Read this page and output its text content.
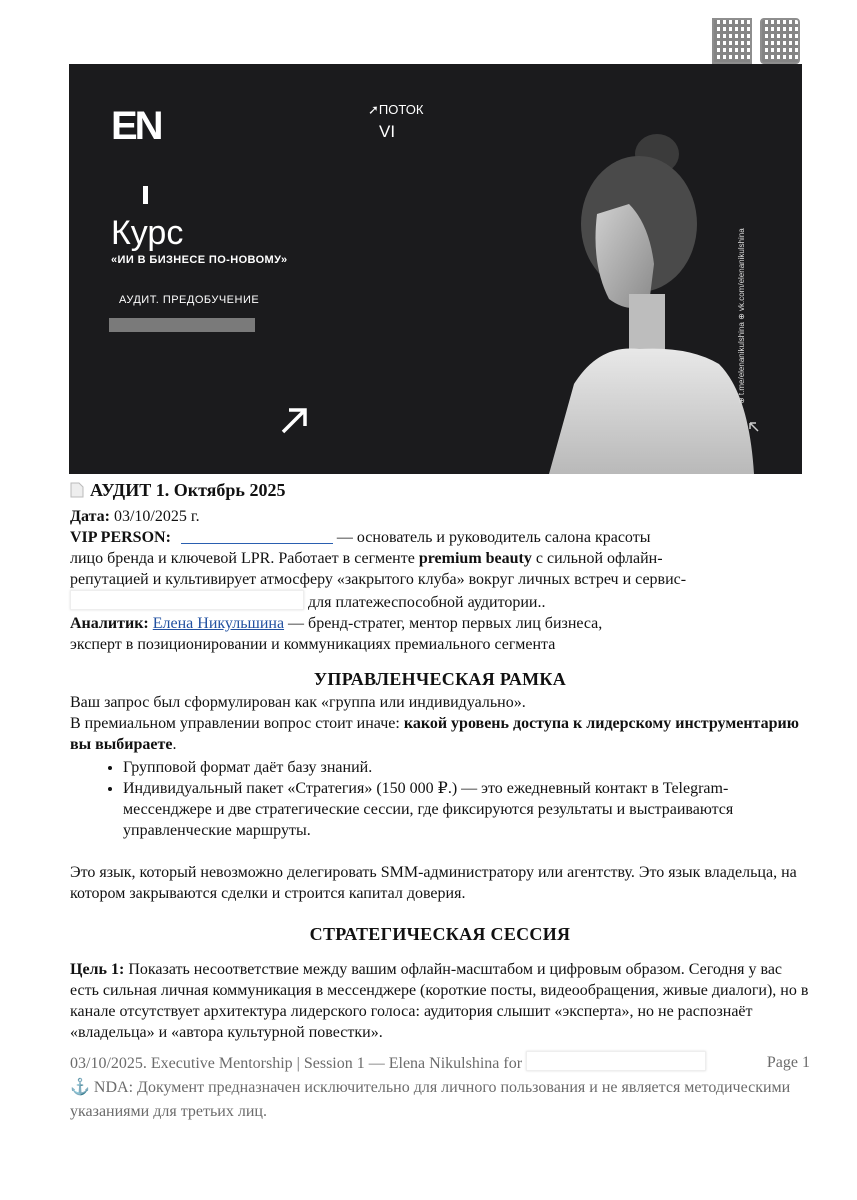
EN	➚ПОТОК
VI
Курс
«ИИ В БИЗНЕСЕ ПО-НОВОМУ»
АУДИТ. ПРЕДОБУЧЕНИЕ	⊕ t.me/elenanikulshina ⊕ vk.com/elenanikulshina
АУДИТ 1. Октябрь 2025

Дата: 03/10/2025 г.

VIP PERSON:	— основатель и руководитель салона красоты

лицо бренда и ключевой LPR. Работает в сегменте premium beauty с сильной офлайн-
репутацией и культивирует атмосферу «закрытого клуба» вокруг личных встреч и сервис-
для платежеспособной аудитории..

Аналитик: Елена Никульшина — бренд-стратег, ментор первых лиц бизнеса,
эксперт в позиционировании и коммуникациях премиального сегмента

УПРАВЛЕНЧЕСКАЯ РАМКА

Ваш запрос был сформулирован как «группа или индивидуально».

В премиальном управлении вопрос стоит иначе: какой уровень доступа к лидерскому инструментарию вы выбираете.

• Групповой формат даёт базу знаний.
• Индивидуальный пакет «Стратегия» (150 000 ₽.) — это ежедневный контакт в Telegram-мессенджере и две стратегические сессии, где фиксируются результаты и выстраиваются управленческие маршруты.

Это язык, который невозможно делегировать SMM-администратору или агентству. Это язык владельца, на котором закрываются сделки и строится капитал доверия.

СТРАТЕГИЧЕСКАЯ СЕССИЯ

Цель 1: Показать несоответствие между вашим офлайн-масштабом и цифровым образом. Сегодня у вас есть сильная личная коммуникация в мессенджере (короткие посты, видеообращения, живые диалоги), но в канале отсутствует архитектура лидерского голоса: аудитория слышит «эксперта», но не распознаёт «владельца» и «автора культурной повестки».

03/10/2025. Executive Mentorship | Session 1 — Elena Nikulshina for	Page 1
⚓ NDA: Документ предназначен исключительно для личного пользования и не является методическими указаниями для третьих лиц.
